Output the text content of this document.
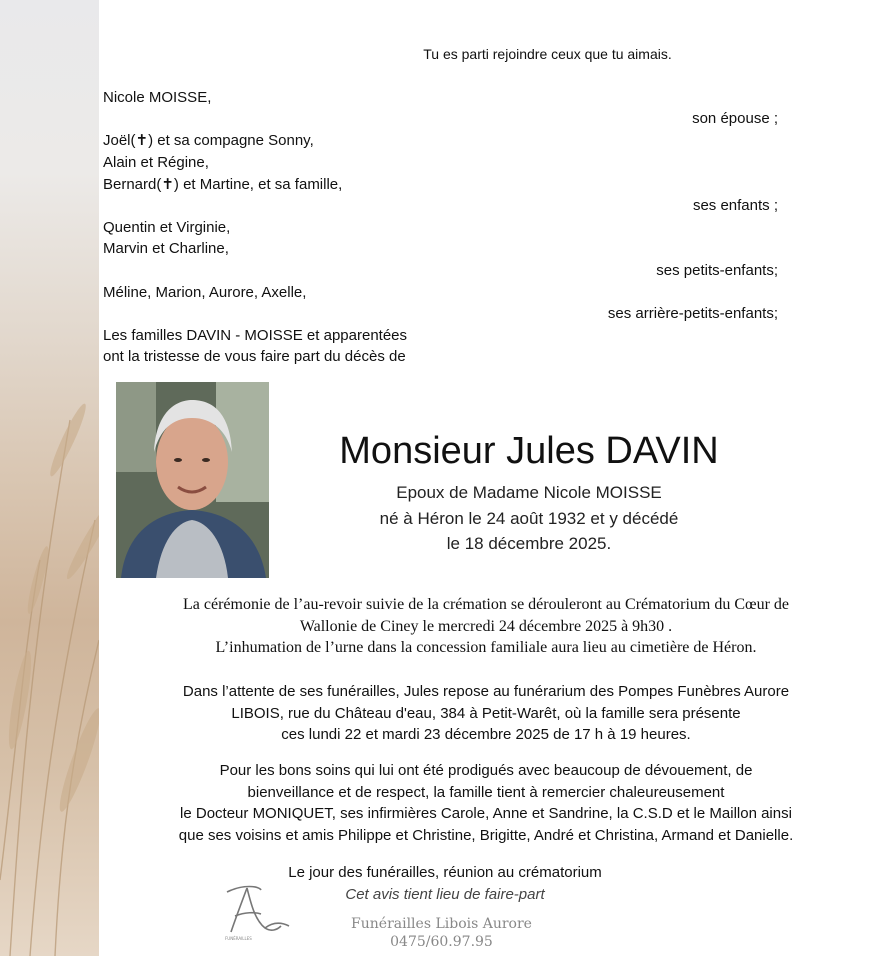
Tu es parti rejoindre ceux que tu aimais.
Nicole MOISSE,
son épouse ;
Joël(✝) et sa compagne Sonny,
Alain et Régine,
Bernard(✝) et Martine, et sa famille,
ses enfants ;
Quentin et Virginie,
Marvin et Charline,
ses petits-enfants;
Méline, Marion, Aurore, Axelle,
ses arrière-petits-enfants;
Les familles DAVIN - MOISSE et apparentées
ont la tristesse de vous faire part du décès de
Monsieur Jules DAVIN
Epoux de Madame Nicole MOISSE
né à Héron le 24 août 1932 et y décédé
le 18 décembre 2025.
La cérémonie de l’au-revoir suivie de la crémation se dérouleront au Crématorium du Cœur de
Wallonie de Ciney le mercredi 24 décembre 2025 à 9h30 .
L’inhumation de l’urne dans la concession familiale aura lieu au cimetière de Héron.
Dans l’attente de ses funérailles, Jules repose au funérarium des Pompes Funèbres Aurore
LIBOIS, rue du Château d'eau, 384 à Petit-Warêt, où la famille sera présente
ces lundi 22 et mardi 23 décembre 2025 de 17 h à 19 heures.
Pour les bons soins qui lui ont été prodigués avec beaucoup de dévouement, de
bienveillance et de respect, la famille tient à remercier chaleureusement
le Docteur MONIQUET, ses infirmières Carole, Anne et Sandrine, la C.S.D et le Maillon ainsi
que ses voisins et amis Philippe et Christine, Brigitte, André et Christina, Armand et Danielle.
Le jour des funérailles, réunion au crématorium
Cet avis tient lieu de faire-part
FUNÉRAILLES
Funérailles Libois Aurore
0475/60.97.95
